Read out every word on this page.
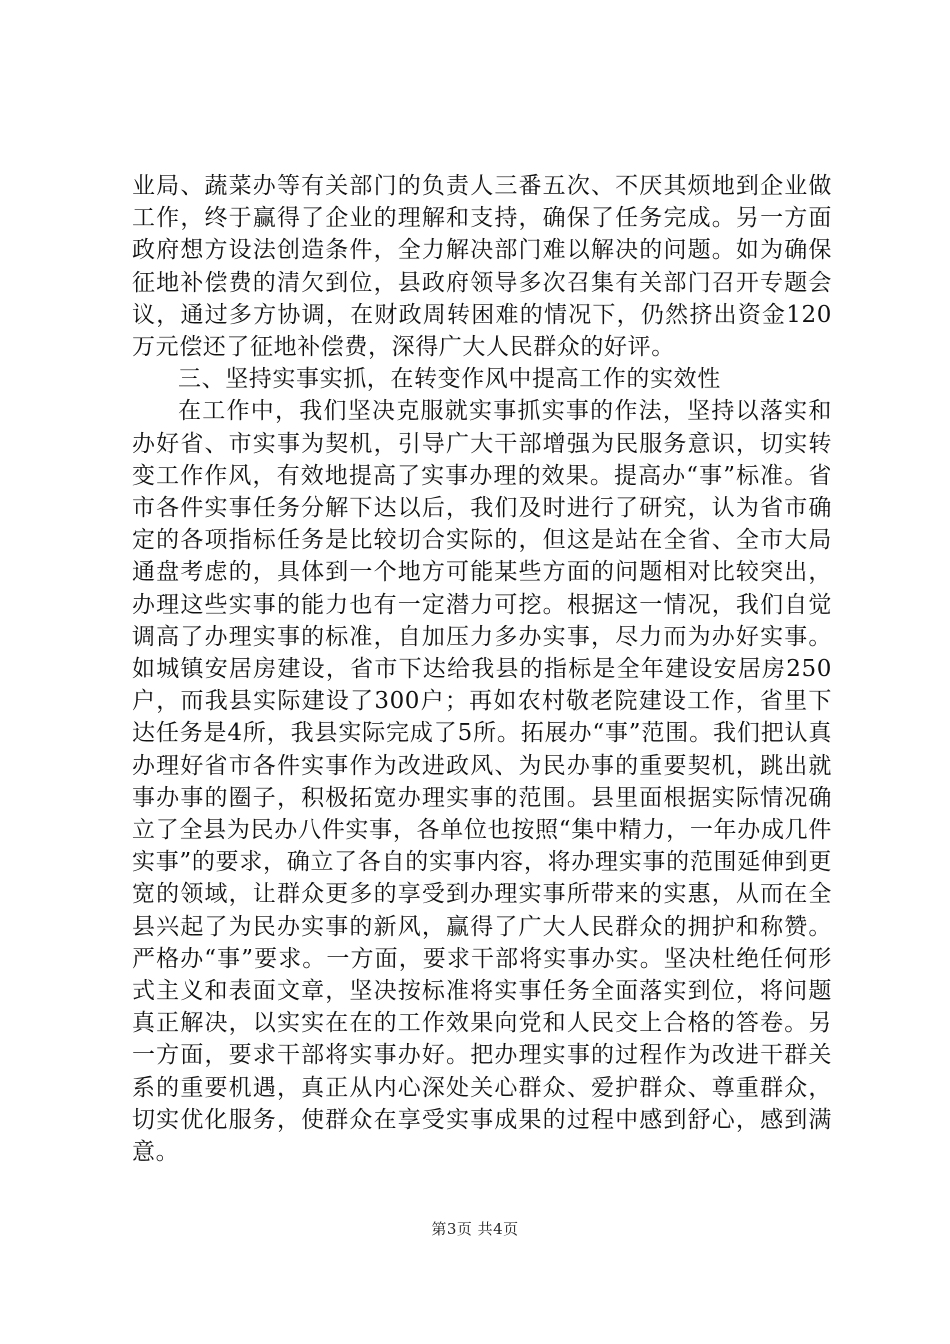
业局、蔬菜办等有关部门的负责人三番五次、不厌其烦地到企业做工作，终于赢得了企业的理解和支持，确保了任务完成。另一方面政府想方设法创造条件，全力解决部门难以解决的问题。如为确保征地补偿费的清欠到位，县政府领导多次召集有关部门召开专题会议，通过多方协调，在财政周转困难的情况下，仍然挤出资金120万元偿还了征地补偿费，深得广大人民群众的好评。

三、坚持实事实抓，在转变作风中提高工作的实效性

在工作中，我们坚决克服就实事抓实事的作法，坚持以落实和办好省、市实事为契机，引导广大干部增强为民服务意识，切实转变工作作风，有效地提高了实事办理的效果。提高办“事”标准。省市各件实事任务分解下达以后，我们及时进行了研究，认为省市确定的各项指标任务是比较切合实际的，但这是站在全省、全市大局通盘考虑的，具体到一个地方可能某些方面的问题相对比较突出，办理这些实事的能力也有一定潜力可挖。根据这一情况，我们自觉调高了办理实事的标准，自加压力多办实事，尽力而为办好实事。如城镇安居房建设，省市下达给我县的指标是全年建设安居房250户，而我县实际建设了300户；再如农村敬老院建设工作，省里下达任务是4所，我县实际完成了5所。拓展办“事”范围。我们把认真办理好省市各件实事作为改进政风、为民办事的重要契机，跳出就事办事的圈子，积极拓宽办理实事的范围。县里面根据实际情况确立了全县为民办八件实事，各单位也按照“集中精力，一年办成几件实事”的要求，确立了各自的实事内容，将办理实事的范围延伸到更宽的领域，让群众更多的享受到办理实事所带来的实惠，从而在全县兴起了为民办实事的新风，赢得了广大人民群众的拥护和称赞。严格办“事”要求。一方面，要求干部将实事办实。坚决杜绝任何形式主义和表面文章，坚决按标准将实事任务全面落实到位，将问题真正解决，以实实在在的工作效果向党和人民交上合格的答卷。另一方面，要求干部将实事办好。把办理实事的过程作为改进干群关系的重要机遇，真正从内心深处关心群众、爱护群众、尊重群众，切实优化服务，使群众在享受实事成果的过程中感到舒心，感到满意。

第3页 共4页
